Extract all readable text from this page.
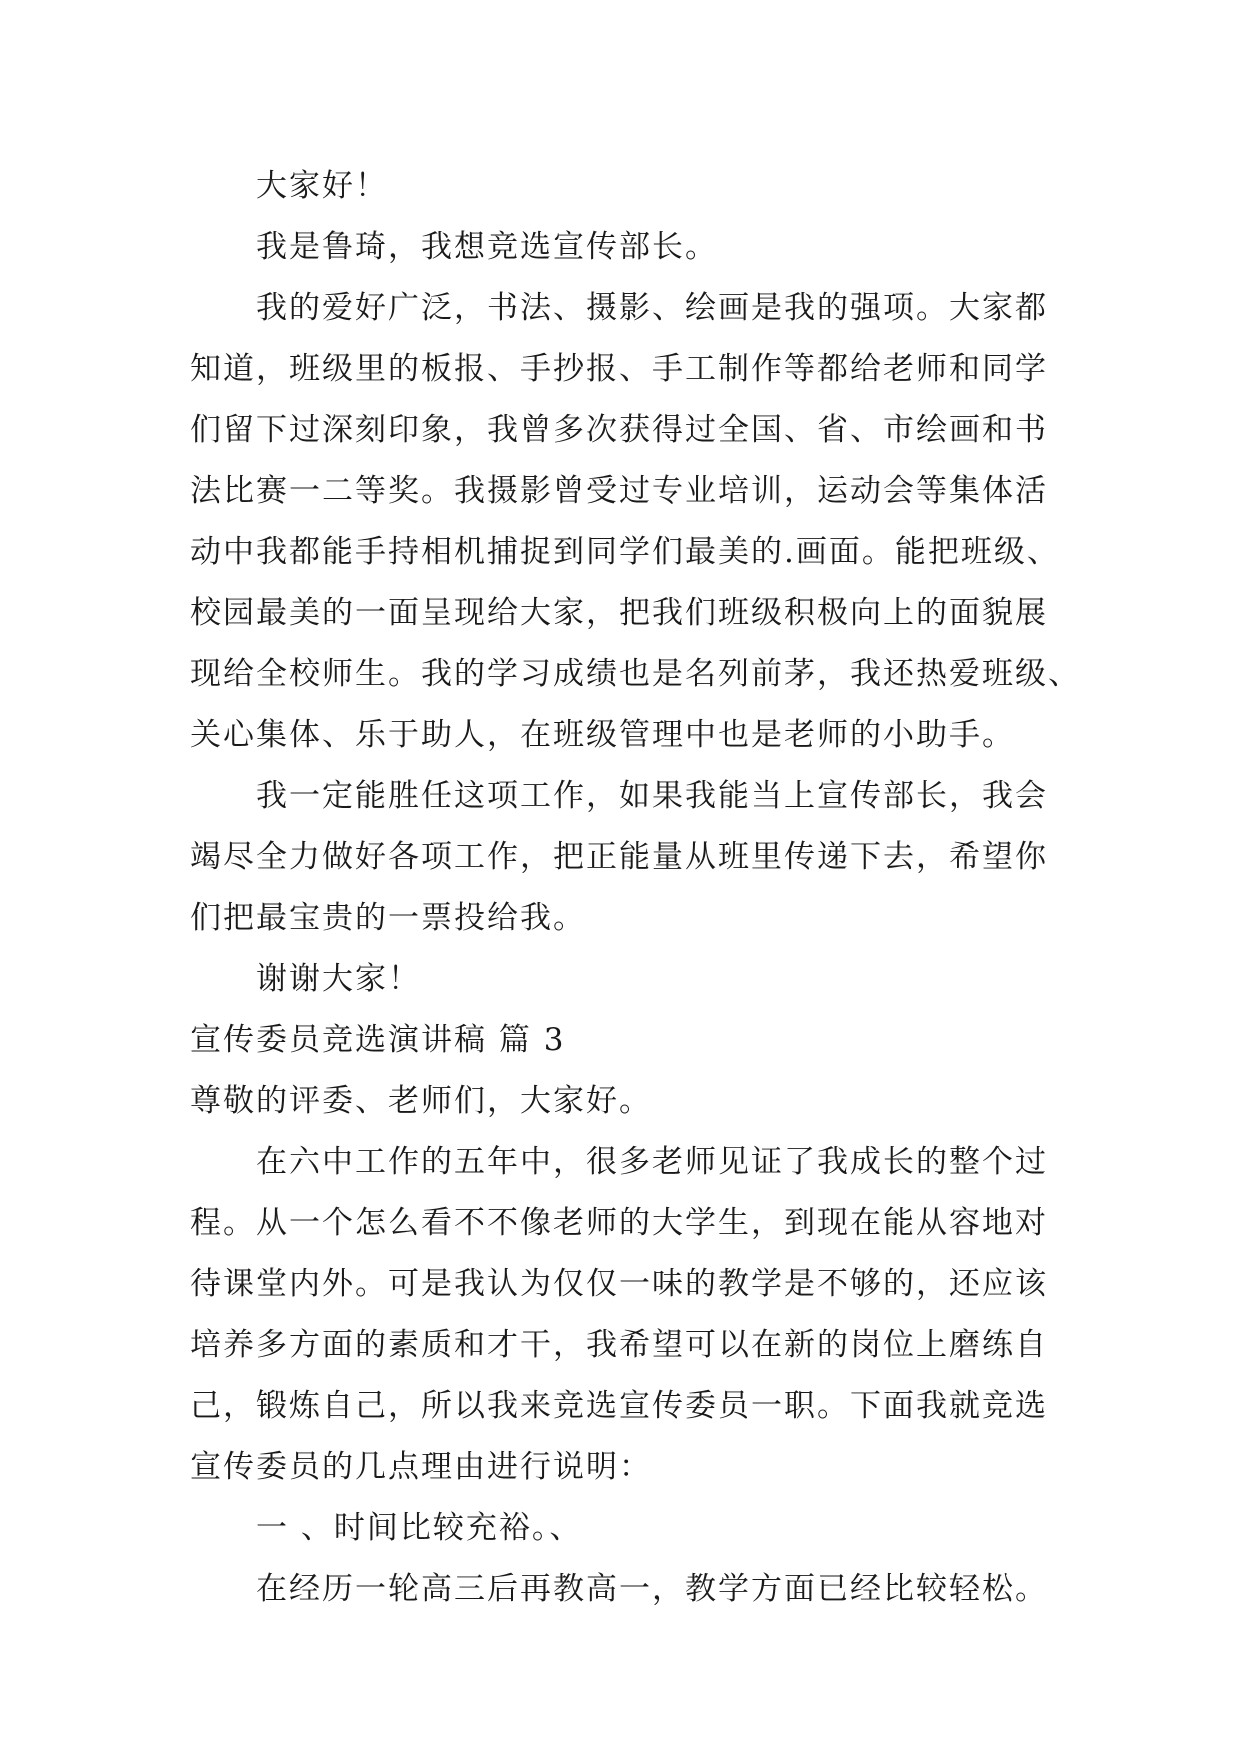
大家好！
我是鲁琦，我想竞选宣传部长。
我的爱好广泛，书法、摄影、绘画是我的强项。大家都
知道，班级里的板报、手抄报、手工制作等都给老师和同学
们留下过深刻印象，我曾多次获得过全国、省、市绘画和书
法比赛一二等奖。我摄影曾受过专业培训，运动会等集体活
动中我都能手持相机捕捉到同学们最美的.画面。能把班级、
校园最美的一面呈现给大家，把我们班级积极向上的面貌展
现给全校师生。我的学习成绩也是名列前茅，我还热爱班级、
关心集体、乐于助人，在班级管理中也是老师的小助手。
我一定能胜任这项工作，如果我能当上宣传部长，我会
竭尽全力做好各项工作，把正能量从班里传递下去，希望你
们把最宝贵的一票投给我。
谢谢大家！
宣传委员竞选演讲稿 篇 3
尊敬的评委、老师们，大家好。
在六中工作的五年中，很多老师见证了我成长的整个过
程。从一个怎么看不不像老师的大学生，到现在能从容地对
待课堂内外。可是我认为仅仅一味的教学是不够的，还应该
培养多方面的素质和才干，我希望可以在新的岗位上磨练自
己，锻炼自己，所以我来竞选宣传委员一职。下面我就竞选
宣传委员的几点理由进行说明：
一 、时间比较充裕。、
在经历一轮高三后再教高一，教学方面已经比较轻松。
